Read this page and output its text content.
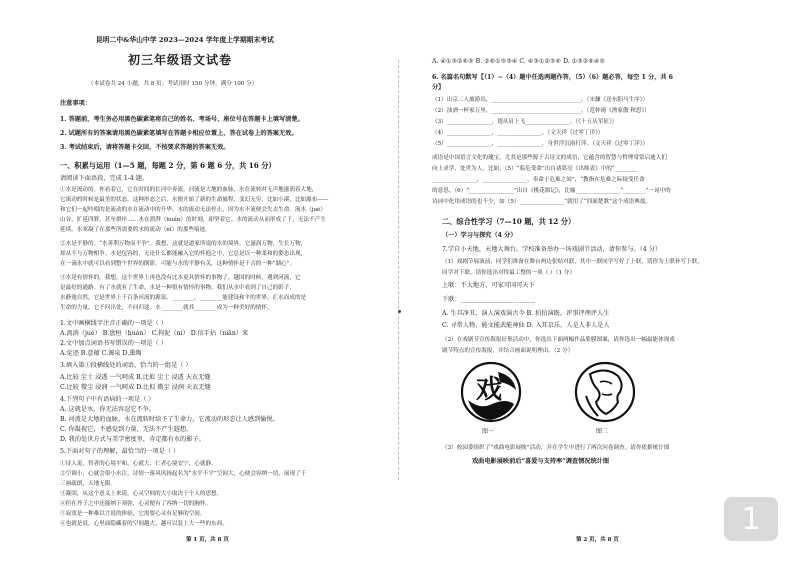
昆明二中&华山中学 2023—2024 学年度上学期期末考试
初三年级语文试卷
（本试卷共 24 小题，共 8 页；考试用时 150 分钟，满分 100 分）
注意事项：
1. 答题前，考生务必用黑色碳素笔将自己的姓名、考场号、座位号在答题卡上填写清楚。
2. 试题所有的答案请用黑色碳素笔填写在答题卡相应位置上，答在试卷上的答案无效。
3. 考试结束后，请将答题卡交回，不按要求答题的答案无效。
一、积累与运用（1—5 题，每题 2 分，第 6 题 6 分，共 16 分）
请阅读下面语段，完成 1-4 题。
①水是流动的。你看着它，它在时间的长河中奔流。河流是大地的血脉，水在流转时无声地滋润着大地，
它流动的时候是最美的状态。这种形态之后，水便开始了新的生命旅程，变幻无穷，比如小溪，比如瀑布——
和它们一起吟唱的是流动的水在流动中的升华。水的流动无法停止，因为水不流便会失去生命。流水（jué）
山谷，扩延四野，甚至群岸……水在溃湃（huán）的时刻，却坚着它。水的流动从而形成了千，无法不产生
延续。水寒凝了在那些所需要的水的流动（nī）的那些痕迹。
②水是平静的。“水善利万物而不争”。我想，这就是道家所说的水的境界。它滋润万物，生长万物，
却从不与万物相争。水是包容的，无论什么都能融入它的怀抱之中，它总是以一种柔和的姿态出现，
在一滴水中就可以看到整个世界的倒影，可能与水的平静有关，这种情怀是千古的一种“湖心”。
③水是有情怀的。我想，这个世界上再也没有比水更具情怀的事物了。越国的时候，遇到河流，它
是最好的通路。有了水就有了生命。水是一种很有情怀的事物。我们从水中看到了自己的影子，
水静逸自然，它是世界上千百条河流的源泉。________，________能建设和平的世界。汇水而成的是
生命的力量，它不问出处，不问归途。水________就其________成为一种美好的情怀。
1.文中画横线字注音正确的一项是（ ）
A.流淌（jué） B.盘桓（huán） C.拘泥（ní） D.信手拈（niān）来
2.文中加点词语书写错误的一项是（ ）
A.觉迹 B.意蕴 C.源泉 D.熏陶
3.填入第①段横线处的词语，恰当的一组是（ ）
A.比较 尘土 浸透 一气呵成 B.比拟 尘土 浸透 天衣无缝
C.比较 微尘 浸润 一气呵成 D.比拟 微尘 浸润 天衣无缝
4.下列句子中有语病的一项是（ ）
A. 这就是水，你无法容忍它不争。
B. 河流是大地的血脉，水在流转时给予了生命力，它流动的形态让人感到愉悦。
C. 你凝视它，不感觉到力量，无法不产生遐想。
D. 我的处世方式与美学密度里，肯定都有水的影子。
5.下面对句子的理解，最恰当的一项是（ ）
①诗人说，智者的心境平和，心就大；仁者心境安宁，心就静。
②空调小，心就会很小水注，诗情一落风风扬起名为“水平不平”空间大，心便会容纳一切，展现了千
三画疏朗，天地无限。
③凝固，从这个意义上来说，心灵空间的大小取决于个人的思想。
④但在芥子之中还能纳下须弥，心灵便有了容纳一切的胸怀。
⑤寂寞是一种难以言说的体验，它需要心灵有足够的空间。
⑥也就是说，心里面隐藏着的空间越大，越可以装上大一些的东西。
第 1 页，共 8 页
A. ④①③②⑥⑤ B. ②⑥①⑤③④ C. ④③①②⑤⑥ D. ①③②⑥④⑤
6. 名篇名句默写【（1）~（4）题中任选两题作答，（5）（6）题必答，每空 1 分，共 6
分】
（1）出京二人旅游出，________________________________。（宋濂《送东阳马生序》）
（2）浊酒一杯家万里，________________________________。（范仲淹《渔家傲·秋思》）
（3）________________，翅从肩上飞________________。（《十五从军征》）
（4）________________，________________。（文天祥《过零丁洋》）
（5）________________，________________，身世浮沉雨打萍。（文天祥《过零丁洋》）
成语是中国语言文化的瑰宝，尤其是那些源于古诗文的成语，它蕴含的智慧与哲理常常启迪人们
向上求学、处世为人，比如，（5）“临危受命”出自诸葛亮《出师表》中的“________
________________，________________，奉命于危难之间”，“教指在危难之际接受任命
的意思。（6）“________________”出自《桃花源记》，比喻________________“________”一词中的
诗词中化用成语的也不少，如（5）________________“就用了“四面楚歌”这个成语典故。
二、综合性学习（7—10 题，共 12 分）
（一）学习与探究（4 分）
7.学自小天地，天地大舞台。学校准备举办一场戏剧节活动，请你参与。（4 分）
（1）戏剧节展演前，同学们准备在舞台两边张贴对联，其中一联同学写好了上联，请你为上联补写下联，
同学对下联，请你选出对得最工整的一项（ ）（1 分）
上联：不大地方，可家可国可天下
下联：________________________
A. 生旦净丑，演人演戏演古今 B. 拍拍演既，评事评理评人生
C. 寻常人物，能文能武能神仙 D. 入耳京乐，人是人非人是人
（2）在戏剧节宣传海报征集活动中，你选出下面两幅作品脸膜图案，请你选出一幅最能体现戏
剧节特点的宣传海报，并结合画面说明理由。（2 分）
戏
图一	图二
（3）校园委组织了“戏曲电影展映”活动，并在学生中进行了两次问卷调查。请你依据统计图
戏曲电影展映前后“喜爱与支持率”调查情况统计图
第 2 页，共 8 页
1
